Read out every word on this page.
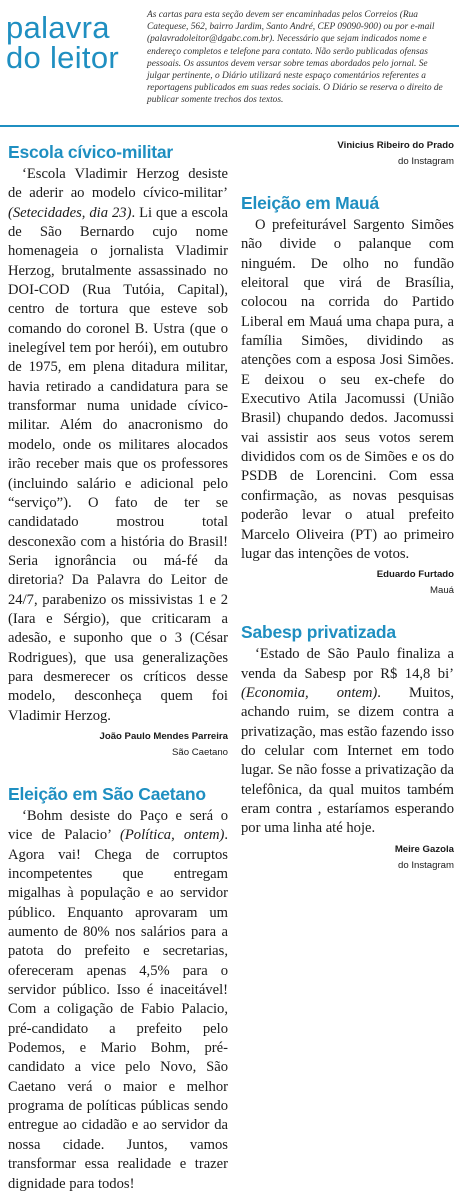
palavra
do leitor
As cartas para esta seção devem ser encaminhadas pelos Correios (Rua Catequese, 562, bairro Jardim, Santo André, CEP 09090-900) ou por e-mail (palavradoleitor@dgabc.com.br). Necessário que sejam indicados nome e endereço completos e telefone para contato. Não serão publicadas ofensas pessoais. Os assuntos devem versar sobre temas abordados pelo jornal. Se julgar pertinente, o Diário utilizará neste espaço comentários referentes a reportagens publicados em suas redes sociais. O Diário se reserva o direito de publicar somente trechos dos textos.
Escola cívico-militar
‘Escola Vladimir Herzog desiste de aderir ao modelo cívico-militar’ (Setecidades, dia 23). Li que a escola de São Bernardo cujo nome homenageia o jornalista Vladimir Herzog, brutalmente assassinado no DOI-COD (Rua Tutóia, Capital), centro de tortura que esteve sob comando do coronel B. Ustra (que o inelegível tem por herói), em outubro de 1975, em plena ditadura militar, havia retirado a candidatura para se transformar numa unidade cívico-militar. Além do anacronismo do modelo, onde os militares alocados irão receber mais que os professores (incluindo salário e adicional pelo “serviço”). O fato de ter se candidatado mostrou total desconexão com a história do Brasil! Seria ignorância ou má-fé da diretoria? Da Palavra do Leitor de 24/7, parabenizo os missivistas 1 e 2 (Iara e Sérgio), que criticaram a adesão, e suponho que o 3 (César Rodrigues), que usa generalizações para desmerecer os críticos desse modelo, desconheça quem foi Vladimir Herzog.
João Paulo Mendes Parreira
São Caetano
Eleição em São Caetano
‘Bohm desiste do Paço e será o vice de Palacio’ (Política, ontem). Agora vai! Chega de corruptos incompetentes que entregam migalhas à população e ao servidor público. Enquanto aprovaram um aumento de 80% nos salários para a patota do prefeito e secretarias, ofereceram apenas 4,5% para o servidor público. Isso é inaceitável! Com a coligação de Fabio Palacio, pré-candidato a prefeito pelo Podemos, e Mario Bohm, pré-candidato a vice pelo Novo, São Caetano verá o maior e melhor programa de políticas públicas sendo entregue ao cidadão e ao servidor da nossa cidade. Juntos, vamos transformar essa realidade e trazer dignidade para todos!
Vinicius Ribeiro do Prado
do Instagram
Eleição em Mauá
O prefeiturável Sargento Simões não divide o palanque com ninguém. De olho no fundão eleitoral que virá de Brasília, colocou na corrida do Partido Liberal em Mauá uma chapa pura, a família Simões, dividindo as atenções com a esposa Josi Simões. E deixou o seu ex-chefe do Executivo Atila Jacomussi (União Brasil) chupando dedos. Jacomussi vai assistir aos seus votos serem divididos com os de Simões e os do PSDB de Lorencini. Com essa confirmação, as novas pesquisas poderão levar o atual prefeito Marcelo Oliveira (PT) ao primeiro lugar das intenções de votos.
Eduardo Furtado
Mauá
Sabesp privatizada
‘Estado de São Paulo finaliza a venda da Sabesp por R$ 14,8 bi’ (Economia, ontem). Muitos, achando ruim, se dizem contra a privatização, mas estão fazendo isso do celular com Internet em todo lugar. Se não fosse a privatização da telefônica, da qual muitos também eram contra , estaríamos esperando por uma linha até hoje.
Meire Gazola
do Instagram
